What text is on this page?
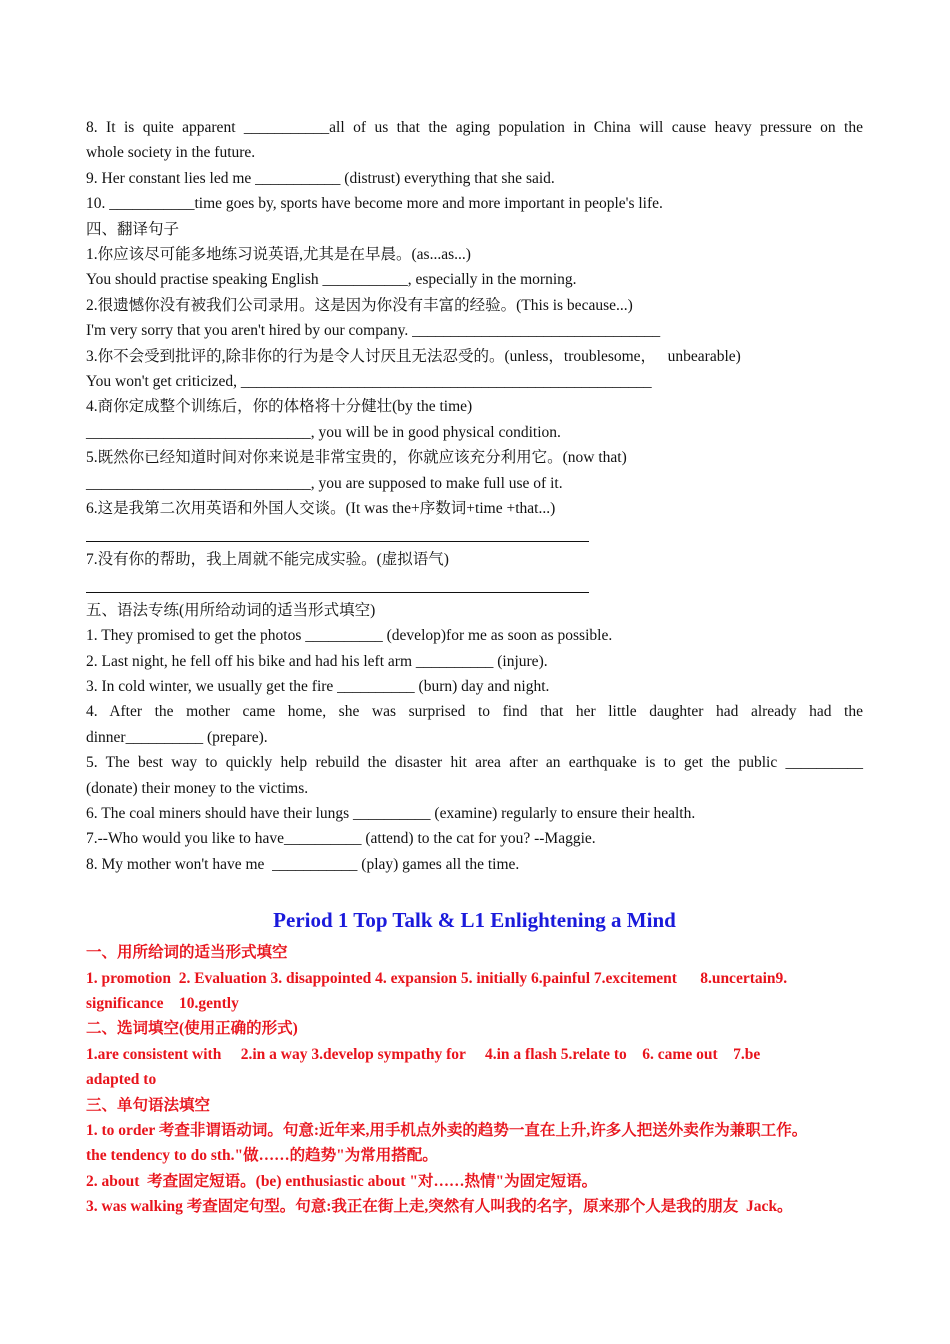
8. It is quite apparent ___________all of us that the aging population in China will cause heavy pressure on the

whole society in the future.

9. Her constant lies led me ___________ (distrust) everything that she said.

10. ___________time goes by, sports have become more and more important in people's life.

四、翻译句子

1.你应该尽可能多地练习说英语,尤其是在早晨。(as...as...)

You should practise speaking English ___________, especially in the morning.

2.很遗憾你没有被我们公司录用。这是因为你没有丰富的经验。(This is because...)

I'm very sorry that you aren't hired by our company. ________________________________

3.你不会受到批评的,除非你的行为是令人讨厌且无法忍受的。(unless，troublesome，   unbearable)

You won't get criticized, _____________________________________________________

4.商你定成整个训练后，你的体格将十分健壮(by the time)

_____________________________, you will be in good physical condition.

5.既然你已经知道时间对你来说是非常宝贵的，你就应该充分利用它。(now that)

_____________________________, you are supposed to make full use of it.

6.这是我第二次用英语和外国人交谈。(It was the+序数词+time +that...)

7.没有你的帮助，我上周就不能完成实验。(虚拟语气)

五、语法专练(用所给动词的适当形式填空)

1. They promised to get the photos __________ (develop)for me as soon as possible.

2. Last night, he fell off his bike and had his left arm __________ (injure).

3. In cold winter, we usually get the fire __________ (burn) day and night.

4. After the mother came home, she was surprised to find that her little daughter had already had the

dinner__________ (prepare).

5. The best way to quickly help rebuild the disaster hit area after an earthquake is to get the public __________

(donate) their money to the victims.

6. The coal miners should have their lungs __________ (examine) regularly to ensure their health.

7.--Who would you like to have__________ (attend) to the cat for you? --Maggie.

8. My mother won't have me  ___________ (play) games all the time.

Period 1 Top Talk & L1 Enlightening a Mind

一、用所给词的适当形式填空

1. promotion  2. Evaluation 3. disappointed 4. expansion 5. initially 6.painful 7.excitement      8.uncertain9.

significance    10.gently

二、选词填空(使用正确的形式)

1.are consistent with     2.in a way 3.develop sympathy for     4.in a flash 5.relate to    6. came out    7.be

adapted to

三、单句语法填空

1. to order 考查非谓语动词。句意:近年来,用手机点外卖的趋势一直在上升,许多人把送外卖作为兼职工作。

the tendency to do sth."做……的趋势"为常用搭配。

2. about  考查固定短语。(be) enthusiastic about "对……热情"为固定短语。

3. was walking 考查固定句型。句意:我正在街上走,突然有人叫我的名字，原来那个人是我的朋友  Jack。
